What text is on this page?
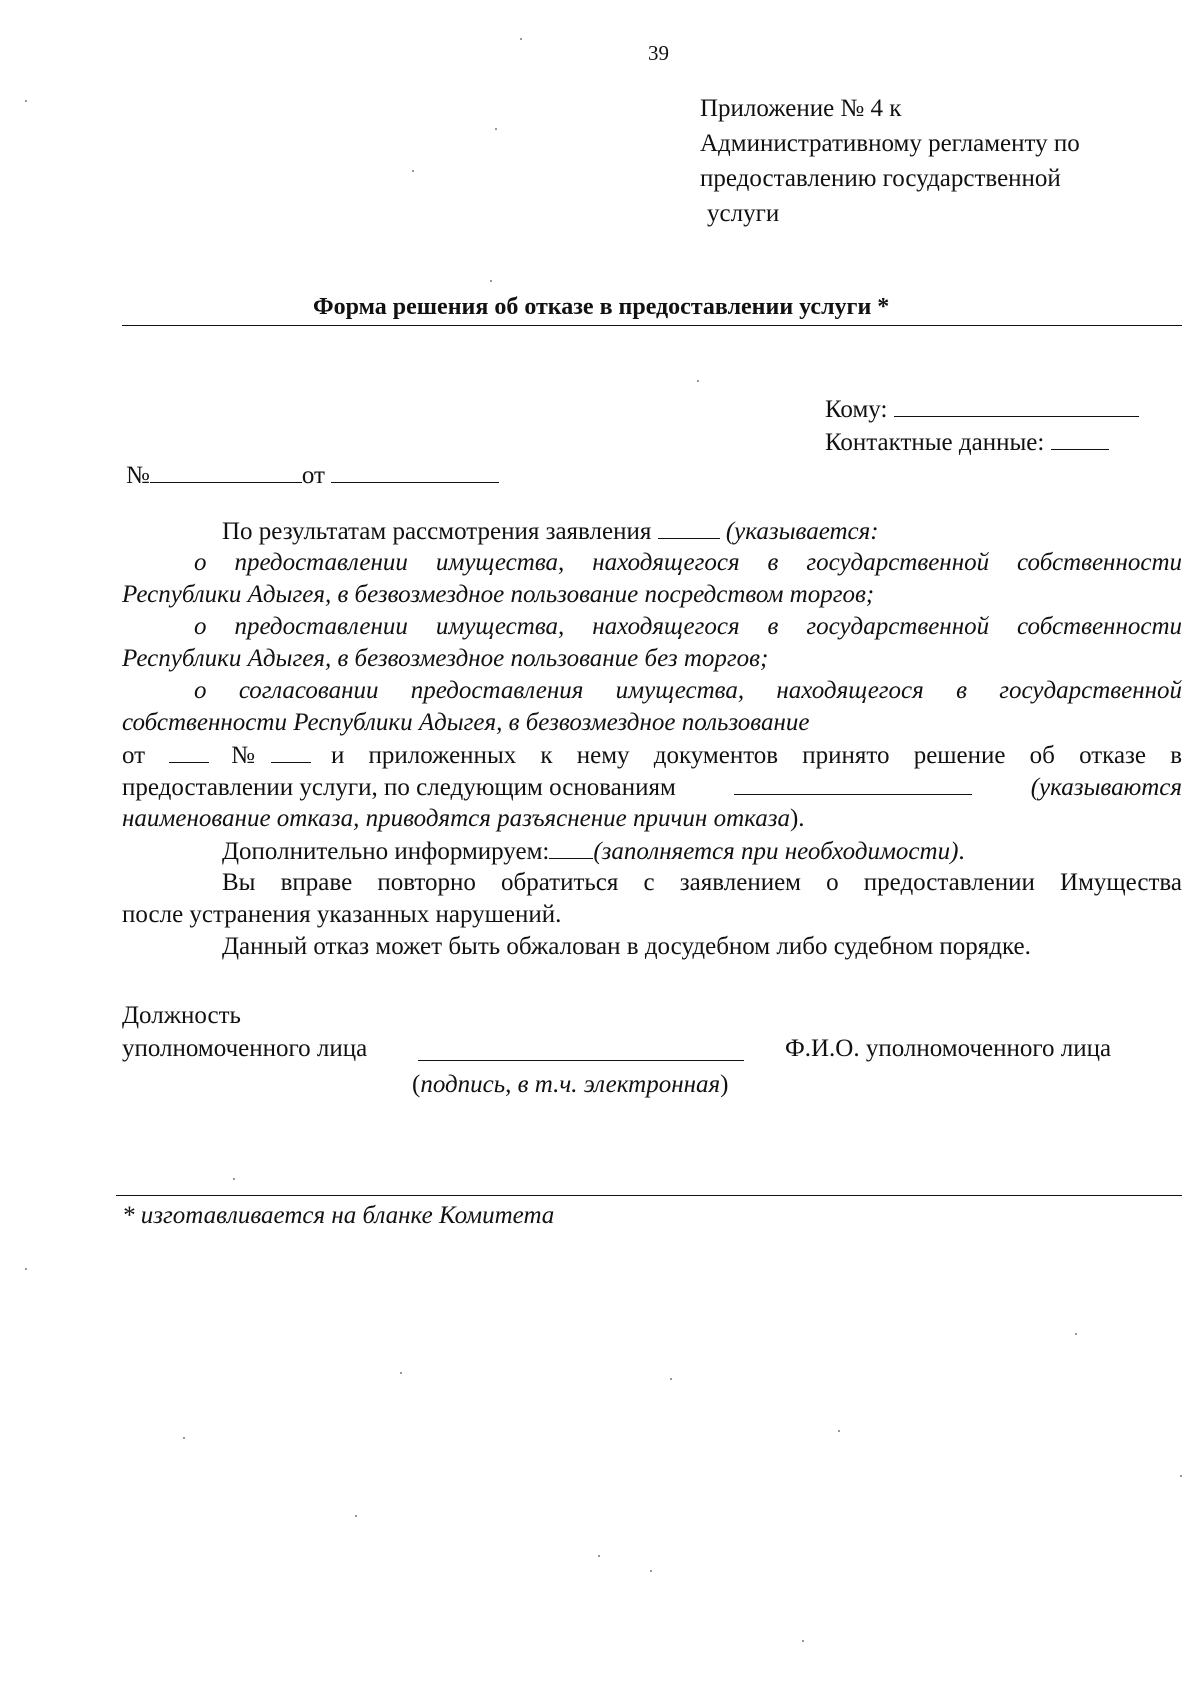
39
Приложение № 4 к
Административному регламенту по
предоставлению государственной
услуги
Форма решения об отказе в предоставлении услуги *
Кому:
Контактные данные:
№	от
По результатам рассмотрения заявления	(указывается:
о предоставлении имущества, находящегося в государственной собственности
Республики Адыгея, в безвозмездное пользование посредством торгов;
о предоставлении имущества, находящегося в государственной собственности
Республики Адыгея, в безвозмездное пользование без торгов;
о согласовании предоставления имущества, находящегося в государственной
собственности Республики Адыгея, в безвозмездное пользование
от	№	и приложенных к нему документов принято решение об отказе в
предоставлении услуги, по следующим основаниям	(указываются
наименование отказа, приводятся разъяснение причин отказа).
Дополнительно информируем: (заполняется при необходимости).
Вы вправе повторно обратиться с заявлением о предоставлении Имущества
после устранения указанных нарушений.
Данный отказ может быть обжалован в досудебном либо судебном порядке.
Должность
уполномоченного лица	Ф.И.О. уполномоченного лица
(подпись, в т.ч. электронная)
* изготавливается на бланке Комитета
